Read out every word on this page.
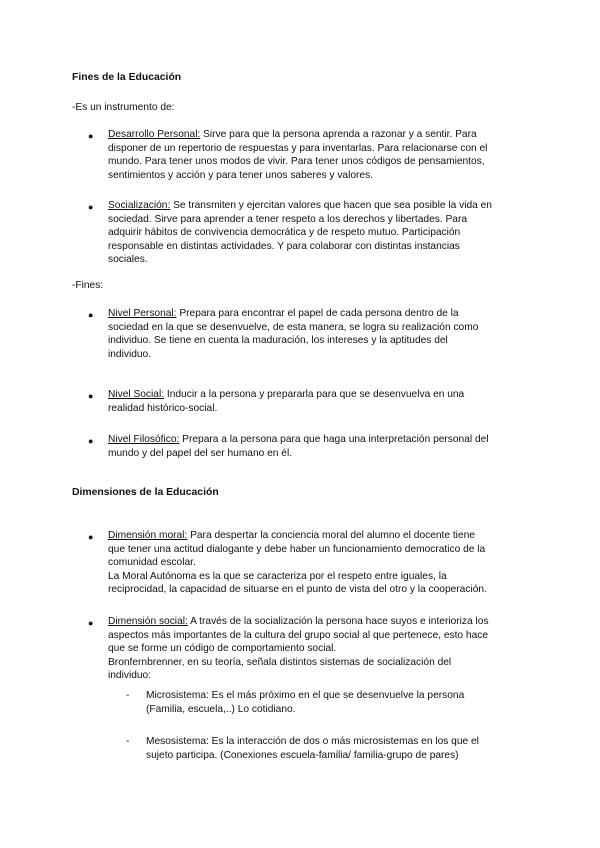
Fines de la Educación
-Es un instrumento de:
● Desarrollo Personal: Sirve para que la persona aprenda a razonar y a sentir. Para
disponer de un repertorio de respuestas y para inventarlas. Para relacionarse con el
mundo. Para tener unos modos de vivir. Para tener unos códigos de pensamientos,
sentimientos y acción y para tener unos saberes y valores.
● Socialización: Se transmiten y ejercitan valores que hacen que sea posible la vida en
sociedad. Sirve para aprender a tener respeto a los derechos y libertades. Para
adquirir hábitos de convivencia democrática y de respeto mutuo. Participación
responsable en distintas actividades. Y para colaborar con distintas instancias
sociales.
-Fines:
● Nivel Personal: Prepara para encontrar el papel de cada persona dentro de la
sociedad en la que se desenvuelve, de esta manera, se logra su realización como
individuo. Se tiene en cuenta la maduración, los intereses y la aptitudes del
individuo.
● Nivel Social: Inducir a la persona y prepararla para que se desenvuelva en una
realidad histórico-social.
● Nivel Filosófico: Prepara a la persona para que haga una interpretación personal del
mundo y del papel del ser humano en él.
Dimensiones de la Educación
● Dimensión moral: Para despertar la conciencia moral del alumno el docente tiene
que tener una actitud dialogante y debe haber un funcionamiento democratico de la
comunidad escolar.
La Moral Autónoma es la que se caracteriza por el respeto entre iguales, la
reciprocidad, la capacidad de situarse en el punto de vista del otro y la cooperación.
● Dimensión social: A través de la socialización la persona hace suyos e interioriza los
aspectos más importantes de la cultura del grupo social al que pertenece, esto hace
que se forme un código de comportamiento social.
Bronfernbrenner, en su teoría, señala distintos sistemas de socialización del
individuo:
- Microsistema: Es el más próximo en el que se desenvuelve la persona
(Familia, escuela,..) Lo cotidiano.
- Mesosistema: Es la interacción de dos o más microsistemas en los que el
sujeto participa. (Conexiones escuela-familia/ familia-grupo de pares)
